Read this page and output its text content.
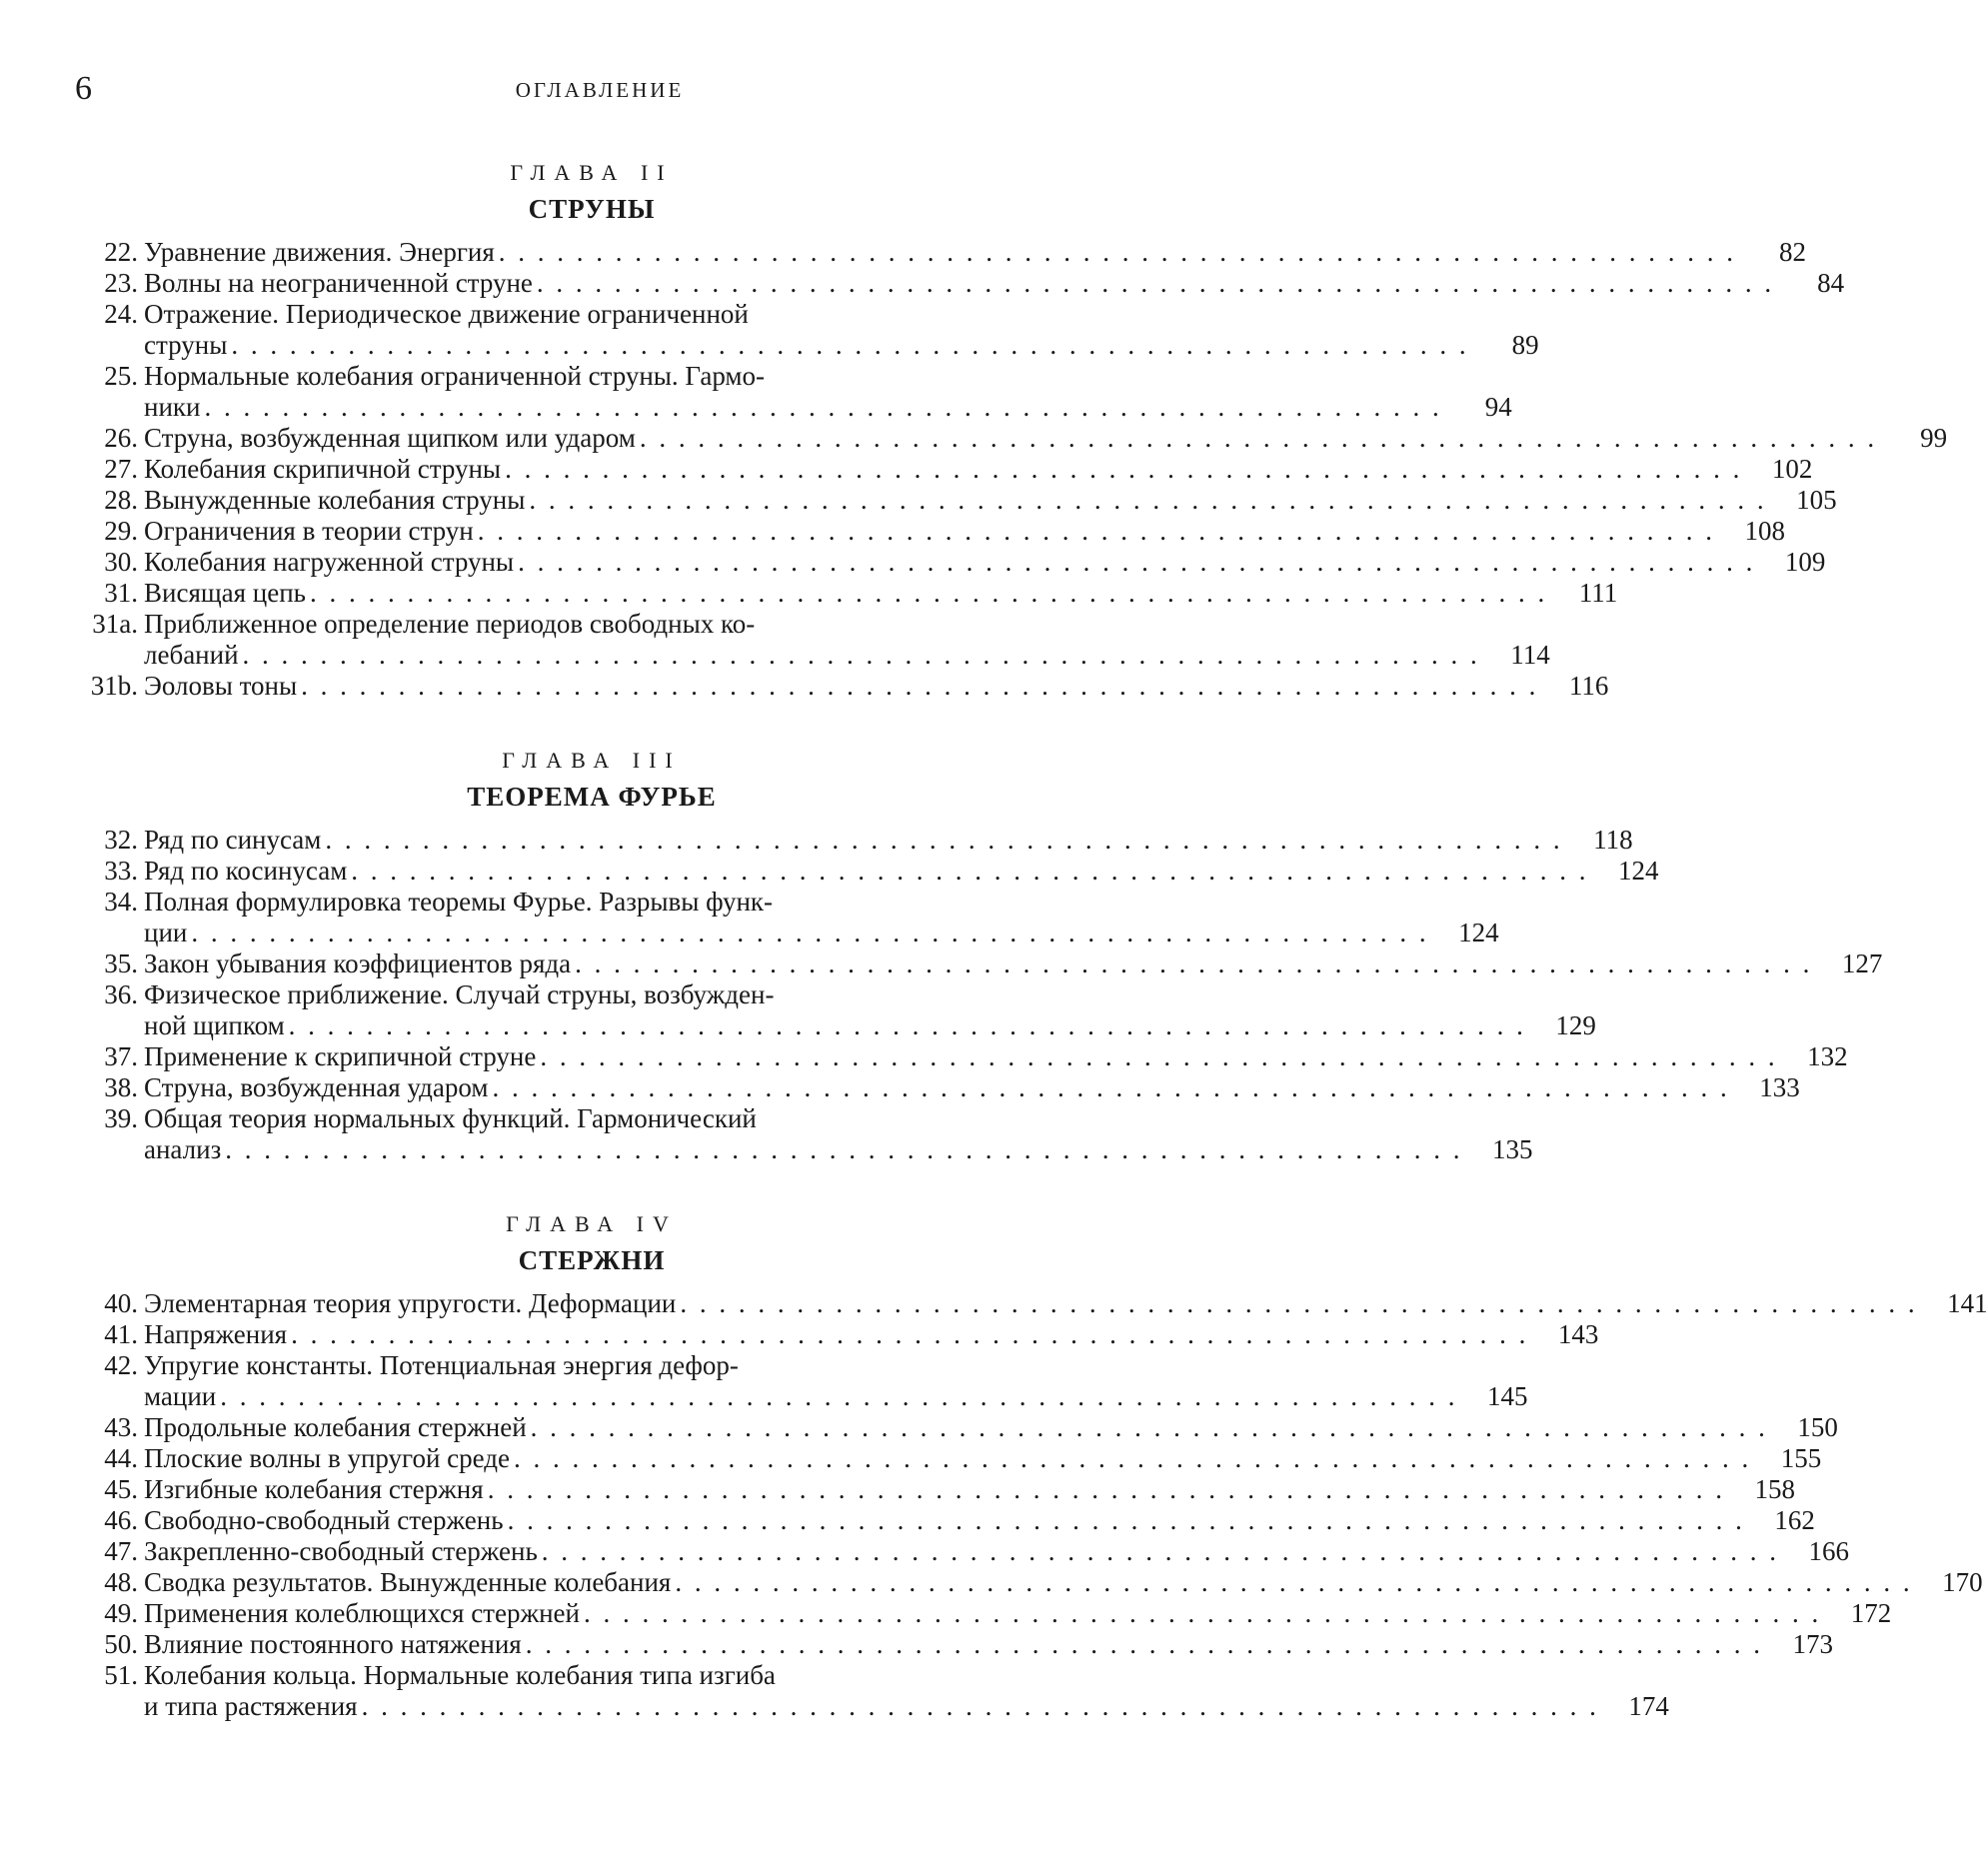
6	ОГЛАВЛЕНИЕ
ГЛАВА II
СТРУНЫ
22. Уравнение движения. Энергия . . .	82
23. Волны на неограниченной струне . . .	84
24. Отражение. Периодическое движение ограниченной
струны . . .	89
25. Нормальные колебания ограниченной струны. Гармо-
ники . . .	94
26. Струна, возбужденная щипком или ударом . . .	99
27. Колебания скрипичной струны . . .	102
28. Вынужденные колебания струны . . .	105
29. Ограничения в теории струн . . .	108
30. Колебания нагруженной струны . . .	109
31. Висящая цепь . . .	111
31a. Приближенное определение периодов свободных ко-
лебаний . . .	114
31b. Эоловы тоны . . .	116
ГЛАВА III
ТЕОРЕМА ФУРЬЕ
32. Ряд по синусам . . .	118
33. Ряд по косинусам . . .	124
34. Полная формулировка теоремы Фурье. Разрывы функ-
ции . . .	124
35. Закон убывания коэффициентов ряда . . .	127
36. Физическое приближение. Случай струны, возбужден-
ной щипком . . .	129
37. Применение к скрипичной струне . . .	132
38. Струна, возбужденная ударом . . .	133
39. Общая теория нормальных функций. Гармонический
анализ . . .	135
ГЛАВА IV
СТЕРЖНИ
40. Элементарная теория упругости. Деформации . . .	141
41. Напряжения . . .	143
42. Упругие константы. Потенциальная энергия дефор-
мации . . .	145
43. Продольные колебания стержней . . .	150
44. Плоские волны в упругой среде . . .	155
45. Изгибные колебания стержня . . .	158
46. Свободно-свободный стержень . . .	162
47. Закрепленно-свободный стержень . . .	166
48. Сводка результатов. Вынужденные колебания . . .	170
49. Применения колеблющихся стержней . . .	172
50. Влияние постоянного натяжения . . .	173
51. Колебания кольца. Нормальные колебания типа изгиба
и типа растяжения . . .	174
